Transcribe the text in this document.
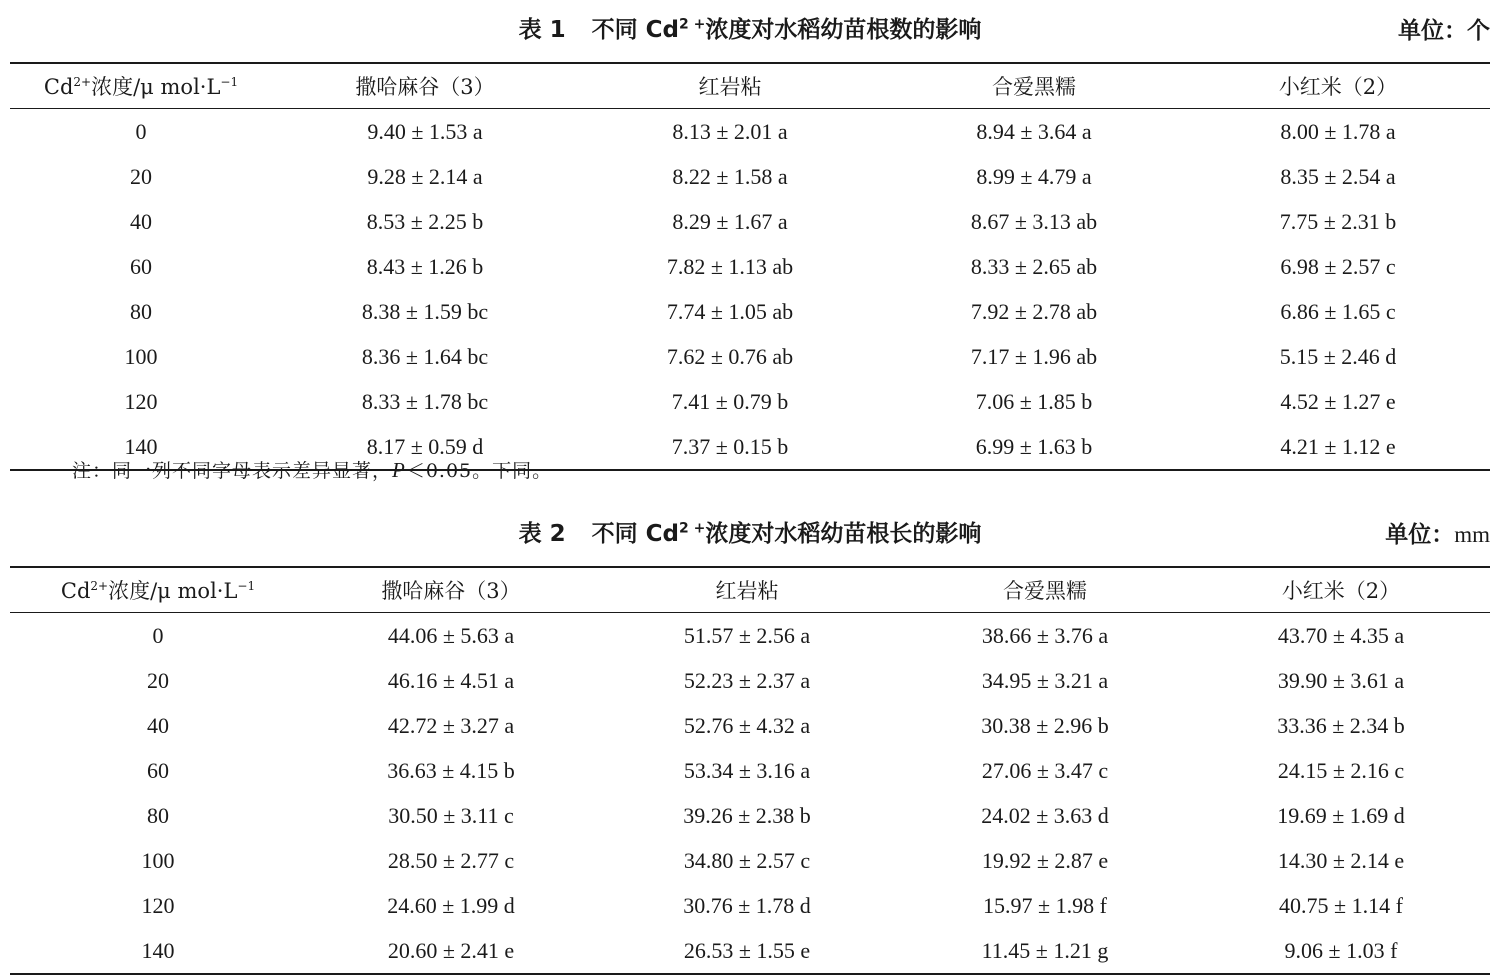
表 1 不同 $Cd^{2 +}$浓度对水稻幼苗根数的影响	单位：个
$Cd^{2+}$浓度/μ $mol\cdot L^{-1}$	撒哈麻谷（3）	红岩粘	合爱黑糯	小红米（2）
0	9.40 ± 1.53 a	8.13 ± 2.01 a	8.94 ± 3.64 a	8.00 ± 1.78 a
20	9.28 ± 2.14 a	8.22 ± 1.58 a	8.99 ± 4.79 a	8.35 ± 2.54 a
40	8.53 ± 2.25 b	8.29 ± 1.67 a	8.67 ± 3.13 ab	7.75 ± 2.31 b
60	8.43 ± 1.26 b	7.82 ± 1.13 ab	8.33 ± 2.65 ab	6.98 ± 2.57 c
80	8.38 ± 1.59 bc	7.74 ± 1.05 ab	7.92 ± 2.78 ab	6.86 ± 1.65 c
100	8.36 ± 1.64 bc	7.62 ± 0.76 ab	7.17 ± 1.96 ab	5.15 ± 2.46 d
120	8.33 ± 1.78 bc	7.41 ± 0.79 b	7.06 ± 1.85 b	4.52 ± 1.27 e
140	8.17 ± 0.59 d	7.37 ± 0.15 b	6.99 ± 1.63 b	4.21 ± 1.12 e
注：同一列不同字母表示差异显著，P＜0.05。下同。
表 2 不同 $Cd^{2 +}$浓度对水稻幼苗根长的影响	单位：mm
$Cd^{2+}$浓度/μ $mol\cdot L^{-1}$	撒哈麻谷（3）	红岩粘	合爱黑糯	小红米（2）
0	44.06 ± 5.63 a	51.57 ± 2.56 a	38.66 ± 3.76 a	43.70 ± 4.35 a
20	46.16 ± 4.51 a	52.23 ± 2.37 a	34.95 ± 3.21 a	39.90 ± 3.61 a
40	42.72 ± 3.27 a	52.76 ± 4.32 a	30.38 ± 2.96 b	33.36 ± 2.34 b
60	36.63 ± 4.15 b	53.34 ± 3.16 a	27.06 ± 3.47 c	24.15 ± 2.16 c
80	30.50 ± 3.11 c	39.26 ± 2.38 b	24.02 ± 3.63 d	19.69 ± 1.69 d
100	28.50 ± 2.77 c	34.80 ± 2.57 c	19.92 ± 2.87 e	14.30 ± 2.14 e
120	24.60 ± 1.99 d	30.76 ± 1.78 d	15.97 ± 1.98 f	40.75 ± 1.14 f
140	20.60 ± 2.41 e	26.53 ± 1.55 e	11.45 ± 1.21 g	9.06 ± 1.03 f
